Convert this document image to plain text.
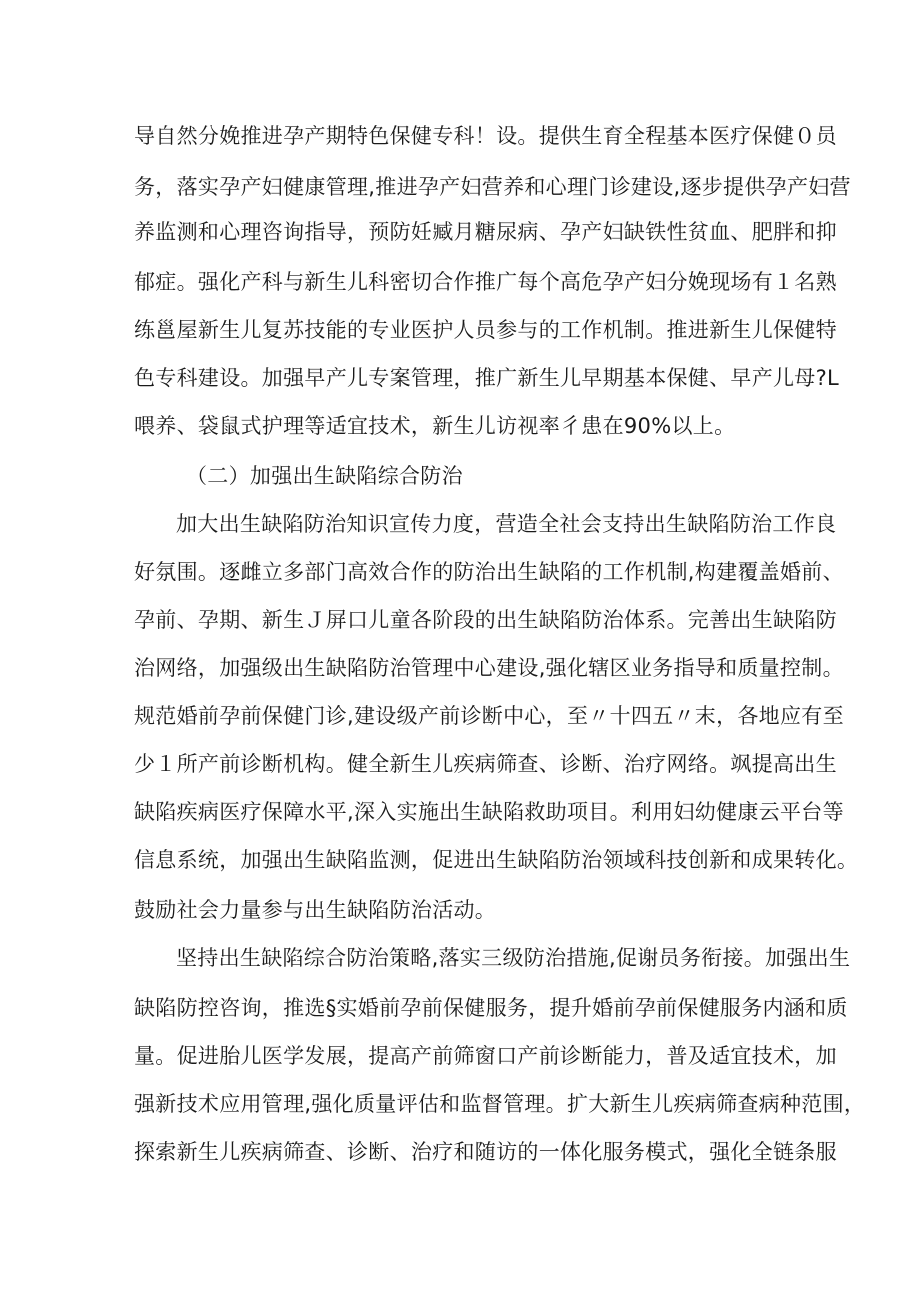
导自然分娩推进孕产期特色保健专科！设。提供生育全程基本医疗保健０员
务，落实孕产妇健康管理,推进孕产妇营养和心理门诊建设,逐步提供孕产妇营
养监测和心理咨询指导，预防妊臧月糖尿病、孕产妇缺铁性贫血、肥胖和抑
郁症。强化产科与新生儿科密切合作推广每个高危孕产妇分娩现场有１名熟
练邕屋新生儿复苏技能的专业医护人员参与的工作机制。推进新生儿保健特
色专科建设。加强早产儿专案管理，推广新生儿早期基本保健、早产儿母?L
喂养、袋鼠式护理等适宜技术，新生儿访视率彳患在90%以上。
（二）加强出生缺陷综合防治
加大出生缺陷防治知识宣传力度，营造全社会支持出生缺陷防治工作良
好氛围。逐雌立多部门高效合作的防治出生缺陷的工作机制,构建覆盖婚前、
孕前、孕期、新生Ｊ屏口儿童各阶段的出生缺陷防治体系。完善出生缺陷防
治网络，加强级出生缺陷防治管理中心建设,强化辖区业务指导和质量控制。
规范婚前孕前保健门诊,建设级产前诊断中心，至〃十四五〃末，各地应有至
少１所产前诊断机构。健全新生儿疾病筛查、诊断、治疗网络。飒提高出生
缺陷疾病医疗保障水平,深入实施出生缺陷救助项目。利用妇幼健康云平台等
信息系统，加强出生缺陷监测，促进出生缺陷防治领域科技创新和成果转化。
鼓励社会力量参与出生缺陷防治活动。
坚持出生缺陷综合防治策略,落实三级防治措施,促谢员务衔接。加强出生
缺陷防控咨询，推选§实婚前孕前保健服务，提升婚前孕前保健服务内涵和质
量。促进胎儿医学发展，提高产前筛窗口产前诊断能力，普及适宜技术，加
强新技术应用管理,强化质量评估和监督管理。扩大新生儿疾病筛查病种范围，
探索新生儿疾病筛查、诊断、治疗和随访的一体化服务模式，强化全链条服
